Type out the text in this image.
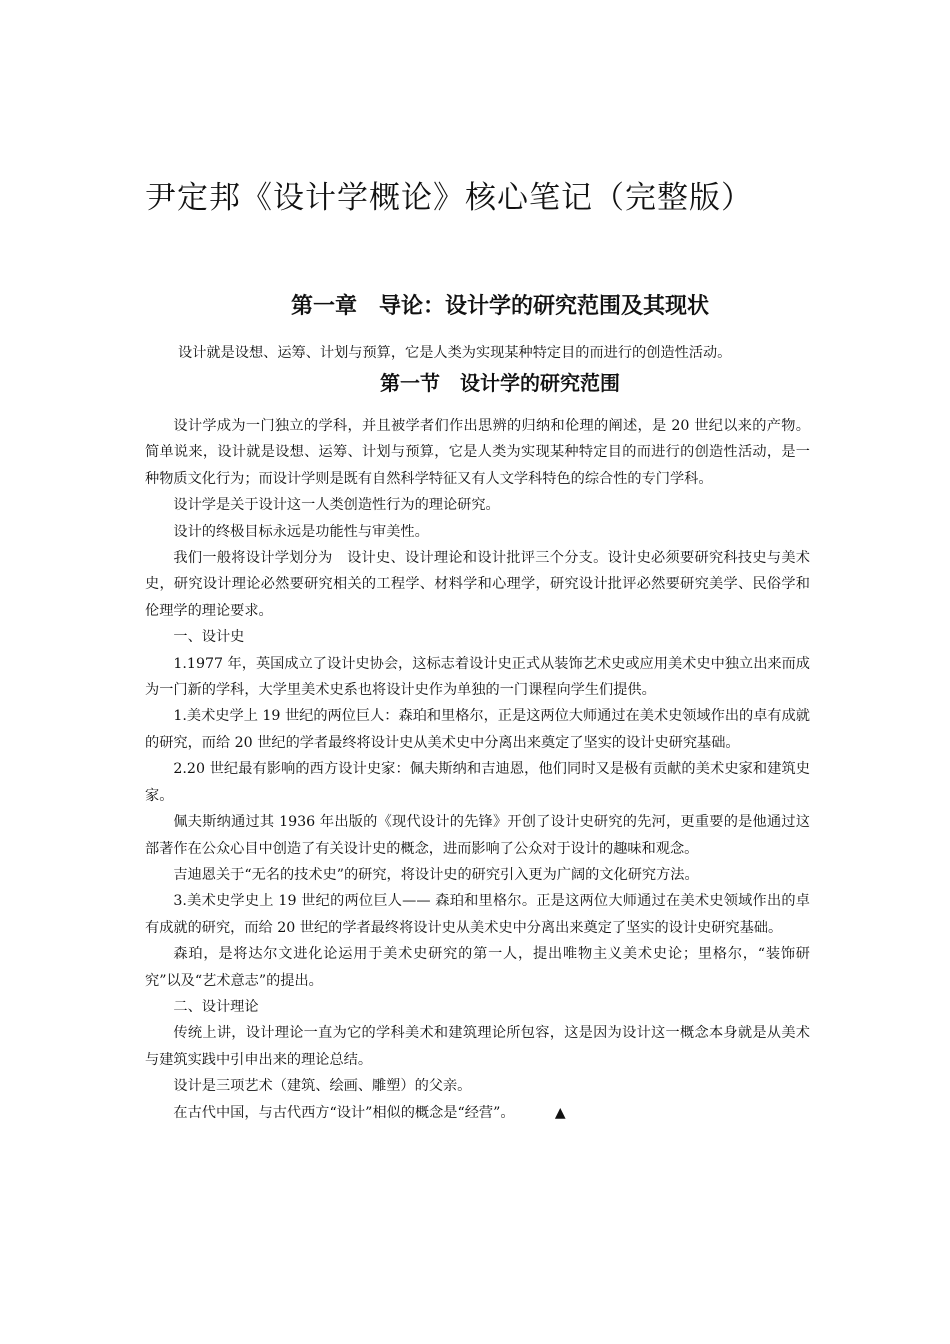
尹定邦《设计学概论》核心笔记（完整版）
第一章　导论：设计学的研究范围及其现状
设计就是设想、运筹、计划与预算，它是人类为实现某种特定目的而进行的创造性活动。
第一节　设计学的研究范围

设计学成为一门独立的学科，并且被学者们作出思辨的归纳和伦理的阐述，是 20 世纪以来的产物。简单说来，设计就是设想、运筹、计划与预算，它是人类为实现某种特定目的而进行的创造性活动，是一种物质文化行为；而设计学则是既有自然科学特征又有人文学科特色的综合性的专门学科。

设计学是关于设计这一人类创造性行为的理论研究。

设计的终极目标永远是功能性与审美性。

我们一般将设计学划分为　设计史、设计理论和设计批评三个分支。设计史必须要研究科技史与美术史，研究设计理论必然要研究相关的工程学、材料学和心理学，研究设计批评必然要研究美学、民俗学和伦理学的理论要求。

一、设计史

1.1977 年，英国成立了设计史协会，这标志着设计史正式从装饰艺术史或应用美术史中独立出来而成为一门新的学科，大学里美术史系也将设计史作为单独的一门课程向学生们提供。

1.美术史学上 19 世纪的两位巨人：森珀和里格尔，正是这两位大师通过在美术史领域作出的卓有成就的研究，而给 20 世纪的学者最终将设计史从美术史中分离出来奠定了坚实的设计史研究基础。

2.20 世纪最有影响的西方设计史家：佩夫斯纳和吉迪恩，他们同时又是极有贡献的美术史家和建筑史家。

佩夫斯纳通过其 1936 年出版的《现代设计的先锋》开创了设计史研究的先河，更重要的是他通过这部著作在公众心目中创造了有关设计史的概念，进而影响了公众对于设计的趣味和观念。

吉迪恩关于“无名的技术史”的研究，将设计史的研究引入更为广阔的文化研究方法。

3.美术史学史上 19 世纪的两位巨人—— 森珀和里格尔。正是这两位大师通过在美术史领域作出的卓有成就的研究，而给 20 世纪的学者最终将设计史从美术史中分离出来奠定了坚实的设计史研究基础。

森珀，是将达尔文进化论运用于美术史研究的第一人，提出唯物主义美术史论；里格尔，“装饰研究”以及“艺术意志”的提出。

二、设计理论

传统上讲，设计理论一直为它的学科美术和建筑理论所包容，这是因为设计这一概念本身就是从美术与建筑实践中引申出来的理论总结。

设计是三项艺术（建筑、绘画、雕塑）的父亲。

在古代中国，与古代西方“设计”相似的概念是“经营”。	▲
